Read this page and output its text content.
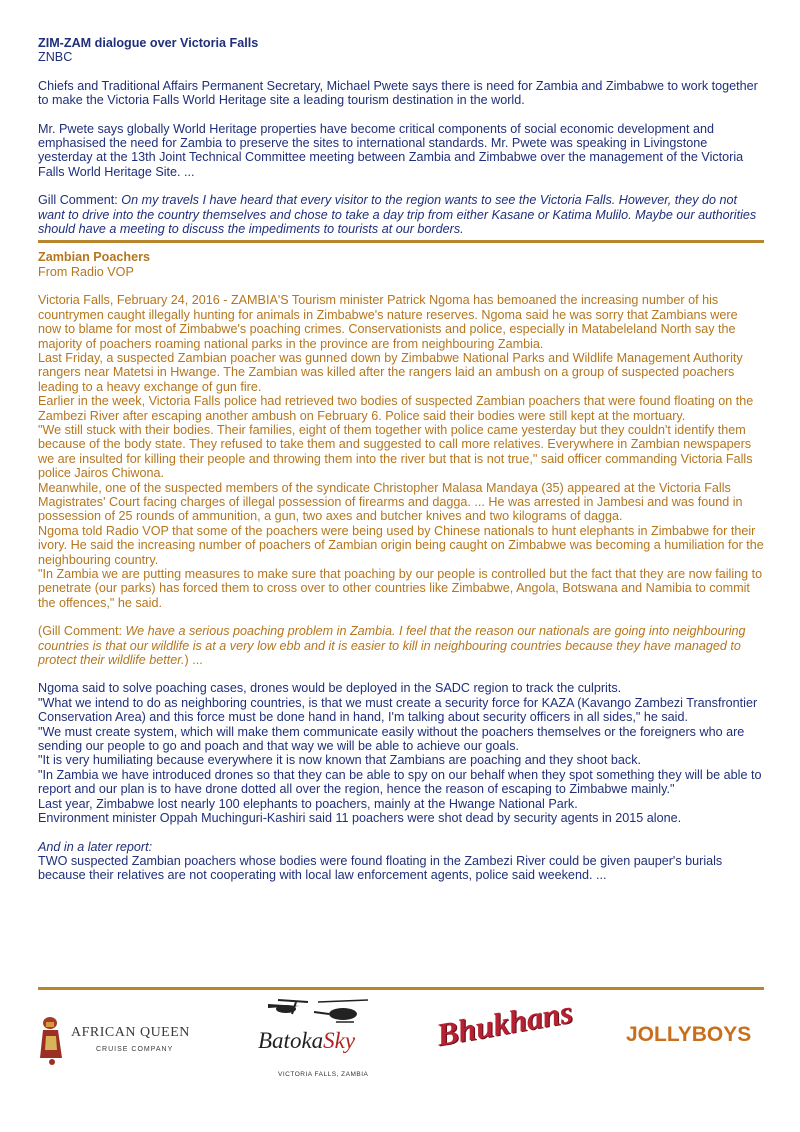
ZIM-ZAM dialogue over Victoria Falls

ZNBC

Chiefs and Traditional Affairs Permanent Secretary, Michael Pwete says there is need for Zambia and Zimbabwe to work together to make the Victoria Falls World Heritage site a leading tourism destination in the world.

Mr. Pwete says globally World Heritage properties have become critical components of social economic development and emphasised the need for Zambia to preserve the sites to international standards. Mr. Pwete was speaking in Livingstone yesterday at the 13th Joint Technical Committee meeting between Zambia and Zimbabwe over the management of the Victoria Falls World Heritage Site. ...

Gill Comment: On my travels I have heard that every visitor to the region wants to see the Victoria Falls. However, they do not want to drive into the country themselves and chose to take a day trip from either Kasane or Katima Mulilo. Maybe our authorities should have a meeting to discuss the impediments to tourists at our borders.

Zambian Poachers

From Radio VOP

Victoria Falls, February 24, 2016 - ZAMBIA'S Tourism minister Patrick Ngoma has bemoaned the increasing number of his countrymen caught illegally hunting for animals in Zimbabwe's nature reserves. Ngoma said he was sorry that Zambians were now to blame for most of Zimbabwe's poaching crimes. Conservationists and police, especially in Matabeleland North say the majority of poachers roaming national parks in the province are from neighbouring Zambia.

Last Friday, a suspected Zambian poacher was gunned down by Zimbabwe National Parks and Wildlife Management Authority rangers near Matetsi in Hwange. The Zambian was killed after the rangers laid an ambush on a group of suspected poachers leading to a heavy exchange of gun fire.

Earlier in the week, Victoria Falls police had retrieved two bodies of suspected Zambian poachers that were found floating on the Zambezi River after escaping another ambush on February 6. Police said their bodies were still kept at the mortuary.

"We still stuck with their bodies. Their families, eight of them together with police came yesterday but they couldn't identify them because of the body state. They refused to take them and suggested to call more relatives. Everywhere in Zambian newspapers we are insulted for killing their people and throwing them into the river but that is not true," said officer commanding Victoria Falls police Jairos Chiwona.

Meanwhile, one of the suspected members of the syndicate Christopher Malasa Mandaya (35) appeared at the Victoria Falls Magistrates' Court facing charges of illegal possession of firearms and dagga. ... He was arrested in Jambesi and was found in possession of 25 rounds of ammunition, a gun, two axes and butcher knives and two kilograms of dagga.

Ngoma told Radio VOP that some of the poachers were being used by Chinese nationals to hunt elephants in Zimbabwe for their ivory. He said the increasing number of poachers of Zambian origin being caught on Zimbabwe was becoming a humiliation for the neighbouring country.

"In Zambia we are putting measures to make sure that poaching by our people is controlled but the fact that they are now failing to penetrate (our parks) has forced them to cross over to other countries like Zimbabwe, Angola, Botswana and Namibia to commit the offences," he said.

(Gill Comment: We have a serious poaching problem in Zambia. I feel that the reason our nationals are going into neighbouring countries is that our wildlife is at a very low ebb and it is easier to kill in neighbouring countries because they have managed to protect their wildlife better.) ...

Ngoma said to solve poaching cases, drones would be deployed in the SADC region to track the culprits.

"What we intend to do as neighboring countries, is that we must create a security force for KAZA (Kavango Zambezi Transfrontier Conservation Area) and this force must be done hand in hand, I'm talking about security officers in all sides," he said.

"We must create system, which will make them communicate easily without the poachers themselves or the foreigners who are sending our people to go and poach and that way we will be able to achieve our goals.

"It is very humiliating because everywhere it is now known that Zambians are poaching and they shoot back.

"In Zambia we have introduced drones so that they can be able to spy on our behalf when they spot something they will be able to report and our plan is to have drone dotted all over the region, hence the reason of escaping to Zimbabwe mainly."

Last year, Zimbabwe lost nearly 100 elephants to poachers, mainly at the Hwange National Park.

Environment minister Oppah Muchinguri-Kashiri said 11 poachers were shot dead by security agents in 2015 alone.

And in a later report:

TWO suspected Zambian poachers whose bodies were found floating in the Zambezi River could be given pauper's burials because their relatives are not cooperating with local law enforcement agents, police said weekend. ...

AFRICAN QUEEN
CRUISE COMPANY	BatokaSky
VICTORIA FALLS, ZAMBIA
Bhukhans JOLLYBOYS
